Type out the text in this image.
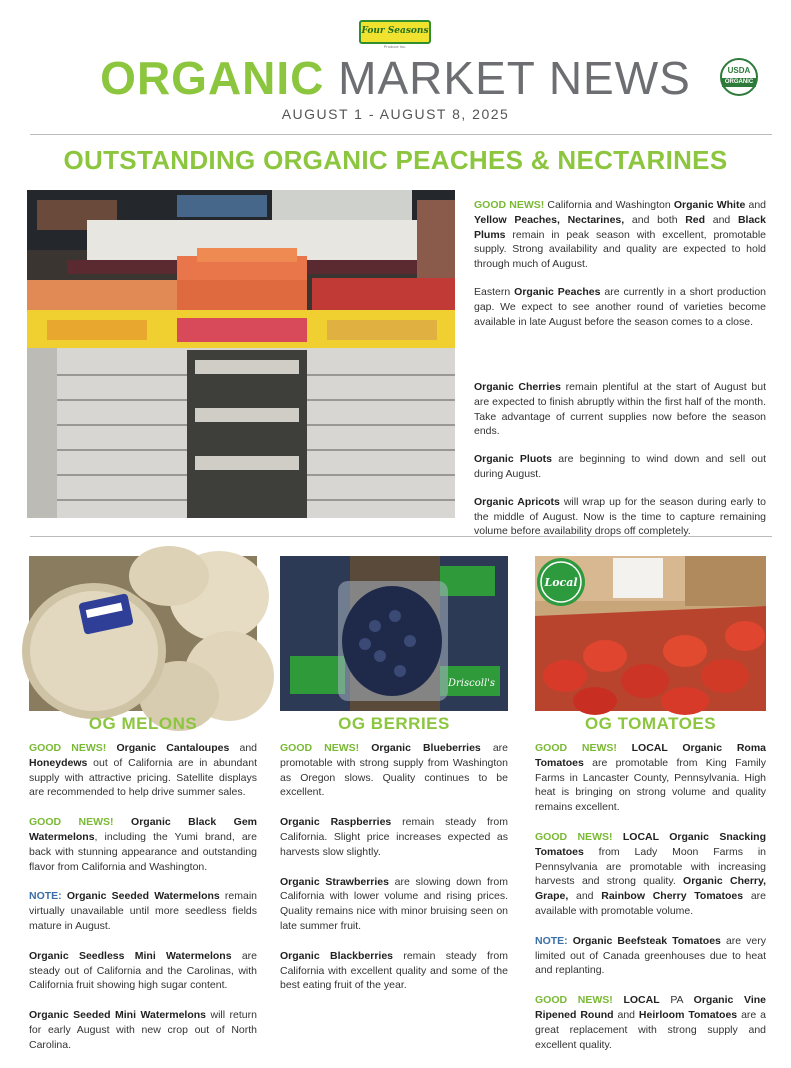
Four Seasons
Produce Inc.
ORGANIC MARKET NEWS	USDA
ORGANIC
AUGUST 1 - AUGUST 8, 2025
OUTSTANDING ORGANIC PEACHES & NECTARINES

GOOD NEWS! California and Washington Organic White and Yellow Peaches, Nectarines, and both Red and Black Plums remain in peak season with excellent, promotable supply. Strong availability and quality are expected to hold through much of August.

Eastern Organic Peaches are currently in a short production gap. We expect to see another round of varieties become available in late August before the season comes to a close.

Organic Cherries remain plentiful at the start of August but are expected to finish abruptly within the first half of the month. Take advantage of current supplies now before the season ends.

Organic Pluots are beginning to wind down and sell out during August.

Organic Apricots will wrap up for the season during early to the middle of August. Now is the time to capture remaining volume before availability drops off completely.

OG MELONS

GOOD NEWS! Organic Cantaloupes and Honeydews out of California are in abundant supply with attractive pricing. Satellite displays are recommended to help drive summer sales.

GOOD NEWS! Organic Black Gem Watermelons, including the Yumi brand, are back with stunning appearance and outstanding flavor from California and Washington.

NOTE: Organic Seeded Watermelons remain virtually unavailable until more seedless fields mature in August.

Organic Seedless Mini Watermelons are steady out of California and the Carolinas, with California fruit showing high sugar content.

Organic Seeded Mini Watermelons will return for early August with new crop out of North Carolina.

Driscoll's
OG BERRIES

GOOD NEWS! Organic Blueberries are promotable with strong supply from Washington as Oregon slows. Quality continues to be excellent.

Organic Raspberries remain steady from California. Slight price increases expected as harvests slow slightly.

Organic Strawberries are slowing down from California with lower volume and rising prices. Quality remains nice with minor bruising seen on late summer fruit.

Organic Blackberries remain steady from California with excellent quality and some of the best eating fruit of the year.

Local
OG TOMATOES

GOOD NEWS! LOCAL Organic Roma Tomatoes are promotable from King Family Farms in Lancaster County, Pennsylvania. High heat is bringing on strong volume and quality remains excellent.

GOOD NEWS! LOCAL Organic Snacking Tomatoes from Lady Moon Farms in Pennsylvania are promotable with increasing harvests and strong quality. Organic Cherry, Grape, and Rainbow Cherry Tomatoes are available with promotable volume.

NOTE: Organic Beefsteak Tomatoes are very limited out of Canada greenhouses due to heat and replanting.

GOOD NEWS! LOCAL PA Organic Vine Ripened Round and Heirloom Tomatoes are a great replacement with strong supply and excellent quality.
